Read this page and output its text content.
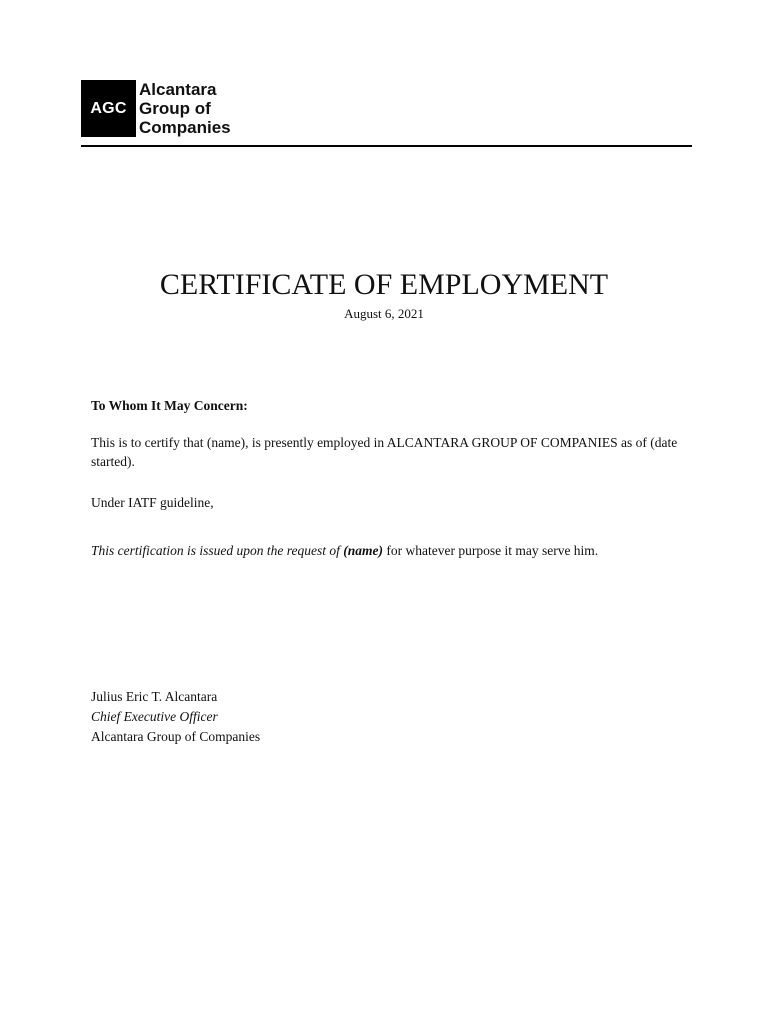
AGC
Alcantara
Group of
Companies
CERTIFICATE OF EMPLOYMENT
August 6, 2021

To Whom It May Concern:

This is to certify that (name), is presently employed in ALCANTARA GROUP OF COMPANIES as of (date started).

Under IATF guideline,

This certification is issued upon the request of (name) for whatever purpose it may serve him.

Julius Eric T. Alcantara
Chief Executive Officer
Alcantara Group of Companies
